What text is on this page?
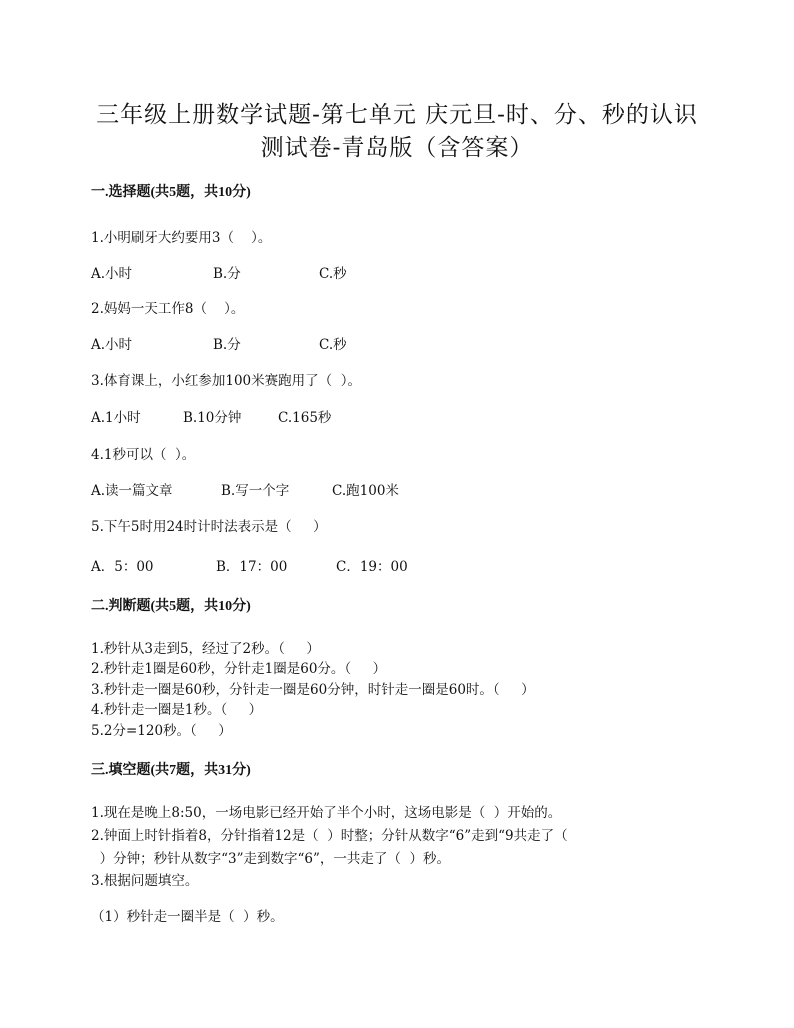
三年级上册数学试题-第七单元 庆元旦-时、分、秒的认识
测试卷-青岛版（含答案）
一.选择题(共5题，共10分)
1.小明刷牙大约要用3（    ）。

A.小时

	B.分

	C.秒

2.妈妈一天工作8（    ）。

A.小时

	B.分

	C.秒

3.体育课上，小红参加100米赛跑用了（  ）。

A.1小时

	B.10分钟

	C.165秒

4.1秒可以（  ）。

A.读一篇文章

	B.写一个字

	C.跑100米

5.下午5时用24时计时法表示是（     ）

A．5：00

	B．17：00

	C．19：00

二.判断题(共5题，共10分)
1.秒针从3走到5，经过了2秒。（     ）
2.秒针走1圈是60秒，分针走1圈是60分。（     ）
3.秒针走一圈是60秒，分针走一圈是60分钟，时针走一圈是60时。（     ）
4.秒针走一圈是1秒。（     ）
5.2分=120秒。（     ）
三.填空题(共7题，共31分)
1.现在是晚上8:50，一场电影已经开始了半个小时，这场电影是（  ）开始的。
2.钟面上时针指着8，分针指着12是（  ）时整；分针从数字“6”走到“9共走了（
）分钟；秒针从数字“3”走到数字“6”，一共走了（  ）秒。
3.根据问题填空。
（1）秒针走一圈半是（  ）秒。
